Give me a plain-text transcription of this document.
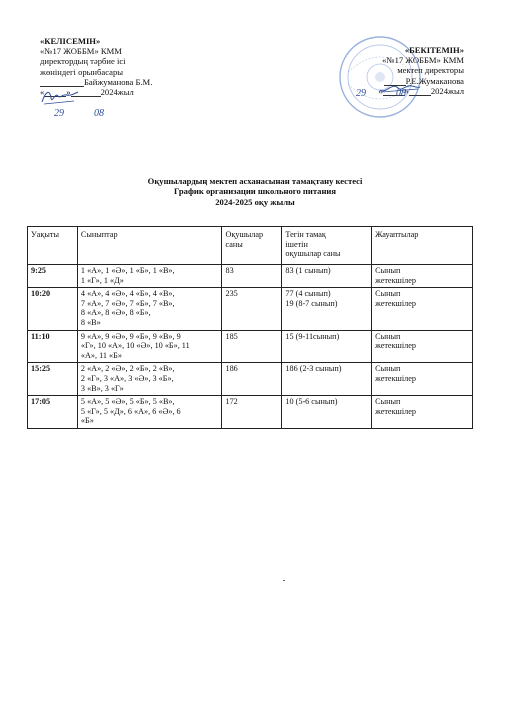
«КЕЛІСЕМІН»
«№17 ЖОББМ» КММ
директордың тәрбие ісі
жөніндегі орынбасары
Байжуманова Б.М.
«	»	2024жыл
29	08
«БЕКІТЕМІН»
«№17 ЖОББМ» КММ
мектеп директоры
Р.Е.Жумаканова
«	»	2024жыл
29	08
Оқушылардың мектеп асханасынан тамақтану кестесі
График организации школьного питания
2024-2025 оқу жылы
Уақыты	Сыныптар	Оқушылар
саны	Тегін тамақ
ішетін
оқушылар саны	Жауаптылар
9:25	1 «А», 1 «Ә», 1 «Б», 1 «В»,
1 «Г», 1 «Д»	83	83 (1 сынып)	Сынып
жетекшілер

10:20	4 «А», 4 «Ә», 4 «Б», 4 «В»,
7 «А», 7 «Ә», 7 «Б», 7 «В»,
8 «А», 8 «Ә», 8 «Б»,
8 «В»	235	77 (4 сынып)
19 (8-7 сынып)	Сынып
жетекшілер

11:10	9 «А», 9 «Ә», 9 «Б», 9 «В», 9
«Г», 10 «А», 10 «Ә», 10 «Б», 11
«А», 11 «Б»	185	15 (9-11сынып)	Сынып
жетекшілер

15:25	2 «А», 2 «Ә», 2 «Б», 2 «В»,
2 «Г», 3 «А», 3 «Ә», 3 «Б»,
3 «В», 3 «Г»	186	186 (2-3 сынып)	Сынып
жетекшілер

17:05	5 «А», 5 «Ә», 5 «Б», 5 «В»,
5 «Г», 5 «Д», 6 «А», 6 «Ә», 6
«Б»	172	10 (5-6 сынып)	Сынып
жетекшілер
